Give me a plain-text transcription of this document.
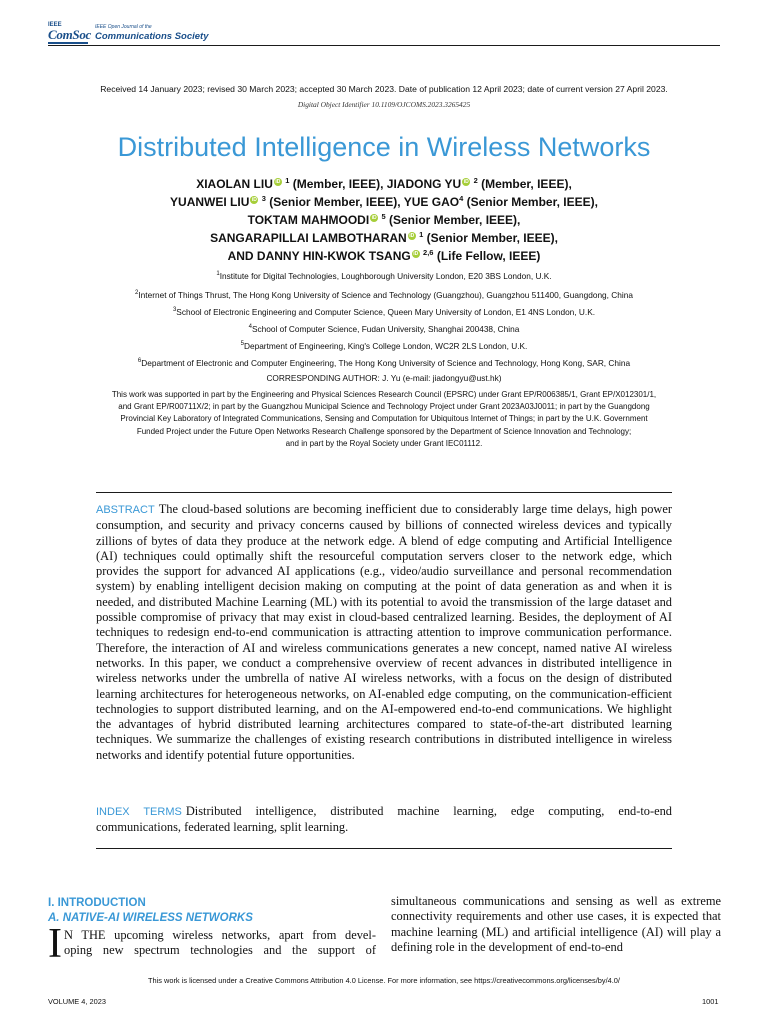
IEEE
ComSoc IEEE Open Journal of the
Communications Society
Received 14 January 2023; revised 30 March 2023; accepted 30 March 2023. Date of publication 12 April 2023; date of current version 27 April 2023.
Digital Object Identifier 10.1109/OJCOMS.2023.3265425
Distributed Intelligence in Wireless Networks
XIAOLAN LIU iD $^1$ (Member, IEEE), JIADONG YU iD $^2$ (Member, IEEE),
YUANWEI LIU iD $^3$ (Senior Member, IEEE), YUE GAO$^4$ (Senior Member, IEEE),
TOKTAM MAHMOODI iD $^5$ (Senior Member, IEEE),
SANGARAPILLAI LAMBOTHARAN iD $^1$ (Senior Member, IEEE),
AND DANNY HIN-KWOK TSANG iD $^{2,6}$ (Life Fellow, IEEE)
$^1$Institute for Digital Technologies, Loughborough University London, E20 3BS London, U.K.
$^2$Internet of Things Thrust, The Hong Kong University of Science and Technology (Guangzhou), Guangzhou 511400, Guangdong, China
$^3$School of Electronic Engineering and Computer Science, Queen Mary University of London, E1 4NS London, U.K.
$^4$School of Computer Science, Fudan University, Shanghai 200438, China
$^5$Department of Engineering, King's College London, WC2R 2LS London, U.K.
$^6$Department of Electronic and Computer Engineering, The Hong Kong University of Science and Technology, Hong Kong, SAR, China
CORRESPONDING AUTHOR: J. Yu (e-mail: jiadongyu@ust.hk)
This work was supported in part by the Engineering and Physical Sciences Research Council (EPSRC) under Grant EP/R006385/1, Grant EP/X012301/1,
and Grant EP/R00711X/2; in part by the Guangzhou Municipal Science and Technology Project under Grant 2023A03J0011; in part by the Guangdong
Provincial Key Laboratory of Integrated Communications, Sensing and Computation for Ubiquitous Internet of Things; in part by the U.K. Government
Funded Project under the Future Open Networks Research Challenge sponsored by the Department of Science Innovation and Technology;
and in part by the Royal Society under Grant IEC01112.
ABSTRACT The cloud-based solutions are becoming inefficient due to considerably large time delays, high power consumption, and security and privacy concerns caused by billions of connected wireless devices and typically zillions of bytes of data they produce at the network edge. A blend of edge computing and Artificial Intelligence (AI) techniques could optimally shift the resourceful computation servers closer to the network edge, which provides the support for advanced AI applications (e.g., video/audio surveillance and personal recommendation system) by enabling intelligent decision making on computing at the point of data generation as and when it is needed, and distributed Machine Learning (ML) with its potential to avoid the transmission of the large dataset and possible compromise of privacy that may exist in cloud-based centralized learning. Besides, the deployment of AI techniques to redesign end-to-end communication is attracting attention to improve communication performance. Therefore, the interaction of AI and wireless communications generates a new concept, named native AI wireless networks. In this paper, we conduct a comprehensive overview of recent advances in distributed intelligence in wireless networks under the umbrella of native AI wireless networks, with a focus on the design of distributed learning architectures for heterogeneous networks, on AI-enabled edge computing, on the communication-efficient technologies to support distributed learning, and on the AI-empowered end-to-end communications. We highlight the advantages of hybrid distributed learning architectures compared to state-of-the-art distributed learning techniques. We summarize the challenges of existing research contributions in distributed intelligence in wireless networks and identify potential future opportunities.
INDEX TERMS Distributed intelligence, distributed machine learning, edge computing, end-to-end communications, federated learning, split learning.
I. INTRODUCTION
A. NATIVE-AI WIRELESS NETWORKS
I N THE upcoming wireless networks, apart from devel-
oping new spectrum technologies and the support of
simultaneous communications and sensing as well as extreme connectivity requirements and other use cases, it is expected that machine learning (ML) and artificial intelligence (AI) will play a defining role in the development of end-to-end
This work is licensed under a Creative Commons Attribution 4.0 License. For more information, see https://creativecommons.org/licenses/by/4.0/
VOLUME 4, 2023	1001
